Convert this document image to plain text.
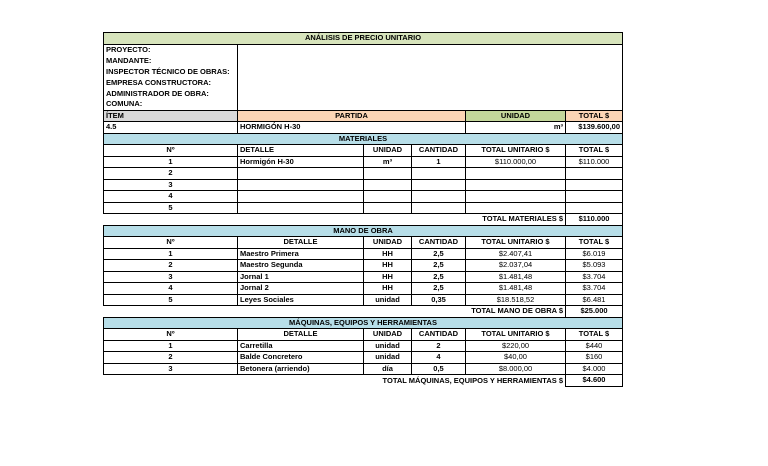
ANÁLISIS DE PRECIO UNITARIO					
PROYECTO:					
MANDANTE:					
INSPECTOR TÉCNICO DE OBRAS:					
EMPRESA CONSTRUCTORA:					
ADMINISTRADOR DE OBRA:					
COMUNA:					
ÍTEM	PARTIDA			UNIDAD	TOTAL $
4.5	HORMIGÓN H-30			m³	$139.600,00
MATERIALES					
Nº	DETALLE	UNIDAD	CANTIDAD	TOTAL UNITARIO $	TOTAL $
1	Hormigón H-30	m³	1	$110.000,00	$110.000
2					
3					
4					
5					
TOTAL MATERIALES $					$110.000
MANO DE OBRA					
Nº	DETALLE	UNIDAD	CANTIDAD	TOTAL UNITARIO $	TOTAL $
1	Maestro Primera	HH	2,5	$2.407,41	$6.019
2	Maestro Segunda	HH	2,5	$2.037,04	$5.093
3	Jornal 1	HH	2,5	$1.481,48	$3.704
4	Jornal 2	HH	2,5	$1.481,48	$3.704
5	Leyes Sociales	unidad	0,35	$18.518,52	$6.481
TOTAL MANO DE OBRA $					$25.000
MÁQUINAS, EQUIPOS Y HERRAMIENTAS					
Nº	DETALLE	UNIDAD	CANTIDAD	TOTAL UNITARIO $	TOTAL $
1	Carretilla	unidad	2	$220,00	$440
2	Balde Concretero	unidad	4	$40,00	$160
3	Betonera (arriendo)	día	0,5	$8.000,00	$4.000
TOTAL MÁQUINAS, EQUIPOS Y HERRAMIENTAS $					$4.600
